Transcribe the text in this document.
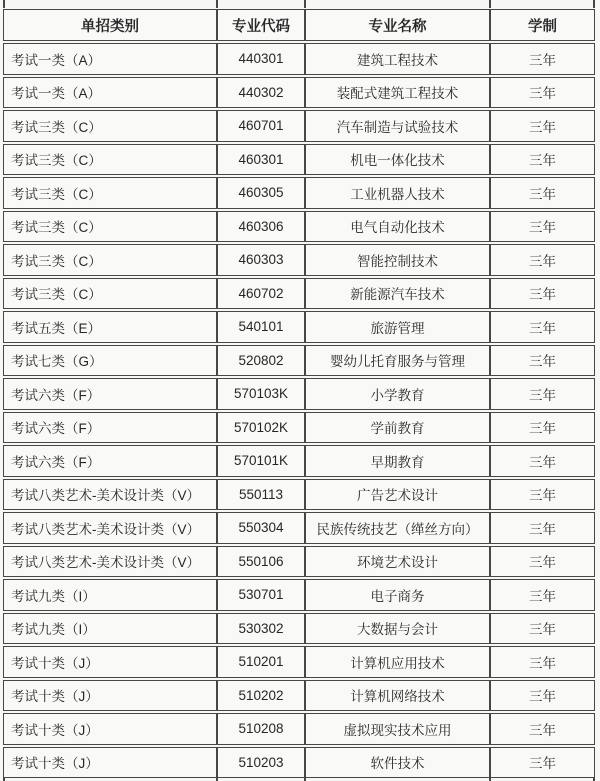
单招类别	专业代码	专业名称	学制
考试一类（A）	440301	建筑工程技术	三年
考试一类（A）	440302	装配式建筑工程技术	三年
考试三类（C）	460701	汽车制造与试验技术	三年
考试三类（C）	460301	机电一体化技术	三年
考试三类（C）	460305	工业机器人技术	三年
考试三类（C）	460306	电气自动化技术	三年
考试三类（C）	460303	智能控制技术	三年
考试三类（C）	460702	新能源汽车技术	三年
考试五类（E）	540101	旅游管理	三年
考试七类（G）	520802	婴幼儿托育服务与管理	三年
考试六类（F）	570103K	小学教育	三年
考试六类（F）	570102K	学前教育	三年
考试六类（F）	570101K	早期教育	三年
考试八类艺术-美术设计类（V）	550113	广告艺术设计	三年
考试八类艺术-美术设计类（V）	550304	民族传统技艺（缂丝方向）	三年
考试八类艺术-美术设计类（V）	550106	环境艺术设计	三年
考试九类（I）	530701	电子商务	三年
考试九类（I）	530302	大数据与会计	三年
考试十类（J）	510201	计算机应用技术	三年
考试十类（J）	510202	计算机网络技术	三年
考试十类（J）	510208	虚拟现实技术应用	三年
考试十类（J）	510203	软件技术	三年
